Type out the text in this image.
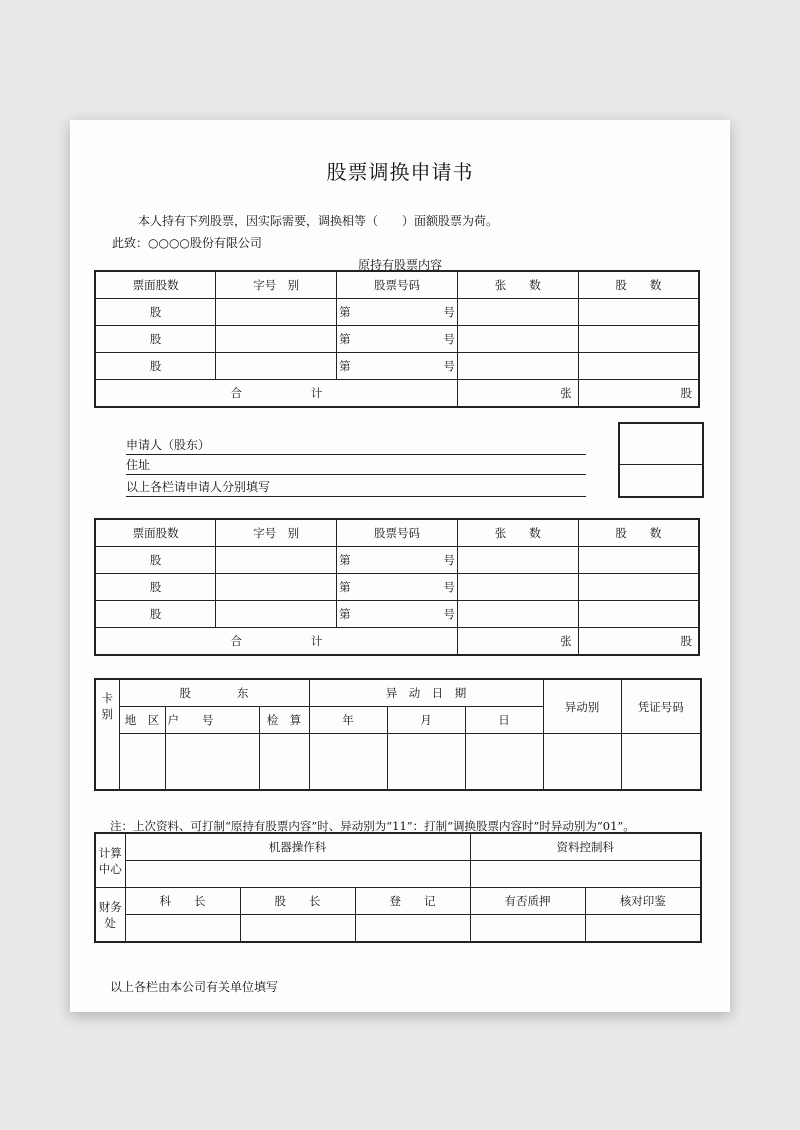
股票调换申请书
本人持有下列股票，因实际需要，调换相等（　　）面额股票为荷。
此致：○○○○股份有限公司
原持有股票内容
票面股数	字号　别	股票号码	张　　数	股　　数
股		第 号		

股		第 号		

股		第 号		

合　　　　　　计			张	股
申请人（股东）
住址
以上各栏请申请人分别填写
票面股数	字号　别	股票号码	张　　数	股　　数
股		第 号		

股		第 号		

股		第 号		

合　　　　　　计			张	股
卡别	股　　　　东			异　动　日　期			异动别	凭证号码
	地　区	户　　号	检　算	年	月	日		

注：上次资料、可打制“原持有股票内容”时、异动别为“11”：打制“调换股票内容时”时异动别为“01”。
计算中心	机器操作科			资料控制科	

财务处	科　　长	股　　长	登　　记	有否质押	核对印鉴

以上各栏由本公司有关单位填写
